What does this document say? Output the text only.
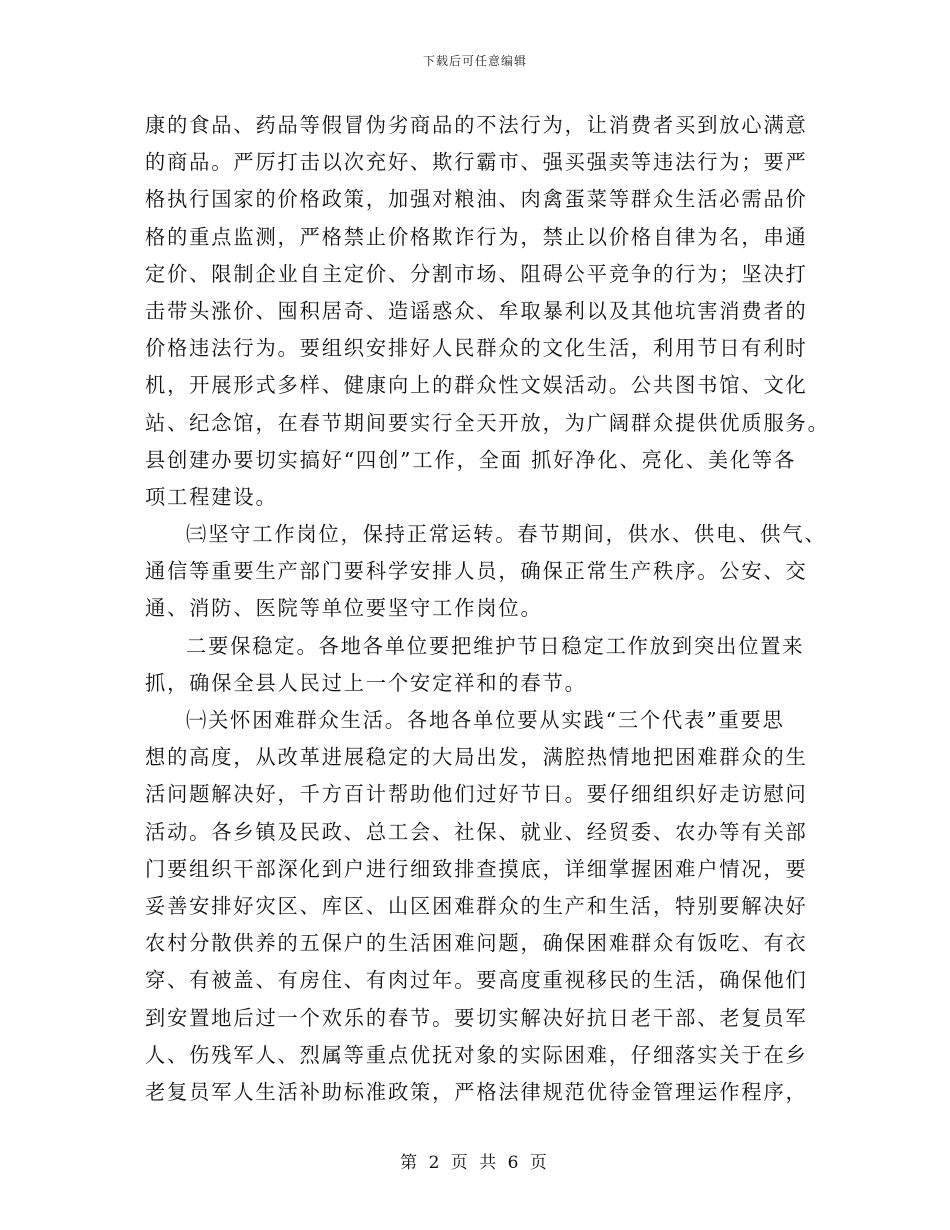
下载后可任意编辑
康的食品、药品等假冒伪劣商品的不法行为，让消费者买到放心满意
的商品。严厉打击以次充好、欺行霸市、强买强卖等违法行为；要严
格执行国家的价格政策，加强对粮油、肉禽蛋菜等群众生活必需品价
格的重点监测，严格禁止价格欺诈行为，禁止以价格自律为名，串通
定价、限制企业自主定价、分割市场、阻碍公平竞争的行为；坚决打
击带头涨价、囤积居奇、造谣惑众、牟取暴利以及其他坑害消费者的
价格违法行为。要组织安排好人民群众的文化生活，利用节日有利时
机，开展形式多样、健康向上的群众性文娱活动。公共图书馆、文化
站、纪念馆，在春节期间要实行全天开放，为广阔群众提供优质服务。
县创建办要切实搞好“四创”工作，全面 抓好净化、亮化、美化等各
项工程建设。
㈢坚守工作岗位，保持正常运转。春节期间，供水、供电、供气、
通信等重要生产部门要科学安排人员，确保正常生产秩序。公安、交
通、消防、医院等单位要坚守工作岗位。
二要保稳定。各地各单位要把维护节日稳定工作放到突出位置来
抓，确保全县人民过上一个安定祥和的春节。
㈠关怀困难群众生活。各地各单位要从实践“三个代表”重要思
想的高度，从改革进展稳定的大局出发，满腔热情地把困难群众的生
活问题解决好，千方百计帮助他们过好节日。要仔细组织好走访慰问
活动。各乡镇及民政、总工会、社保、就业、经贸委、农办等有关部
门要组织干部深化到户进行细致排查摸底，详细掌握困难户情况，要
妥善安排好灾区、库区、山区困难群众的生产和生活，特别要解决好
农村分散供养的五保户的生活困难问题，确保困难群众有饭吃、有衣
穿、有被盖、有房住、有肉过年。要高度重视移民的生活，确保他们
到安置地后过一个欢乐的春节。要切实解决好抗日老干部、老复员军
人、伤残军人、烈属等重点优抚对象的实际困难，仔细落实关于在乡
老复员军人生活补助标准政策，严格法律规范优待金管理运作程序，
第 2 页 共 6 页
